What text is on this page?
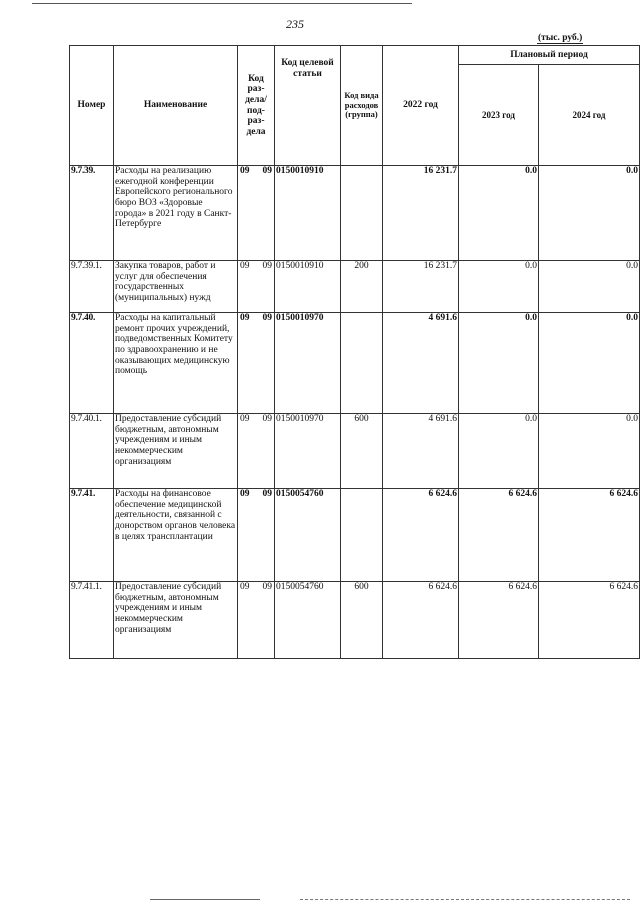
235
(тыс. руб.)
Номер	Наименование	Код раз-дела/ под-раз-дела	Код целевой статьи	Код вида расходов (группа)	2022 год	Плановый период	
						2023 год	2024 год
9.7.39.	Расходы на реализацию ежегодной конференции Европейского регионального бюро ВОЗ «Здоровые города» в 2021 году в Санкт-Петербурге	09 09	0150010910		16 231.7	0.0	0.0
9.7.39.1.	Закупка товаров, работ и услуг для обеспечения государственных (муниципальных) нужд	09 09	0150010910	200	16 231.7	0.0	0.0
9.7.40.	Расходы на капитальный ремонт прочих учреждений, подведомственных Комитету по здравоохранению и не оказывающих медицинскую помощь	09 09	0150010970		4 691.6	0.0	0.0
9.7.40.1.	Предоставление субсидий бюджетным, автономным учреждениям и иным некоммерческим организациям	09 09	0150010970	600	4 691.6	0.0	0.0
9.7.41.	Расходы на финансовое обеспечение медицинской деятельности, связанной с донорством органов человека в целях трансплантации	09 09	0150054760		6 624.6	6 624.6	6 624.6
9.7.41.1.	Предоставление субсидий бюджетным, автономным учреждениям и иным некоммерческим организациям	09 09	0150054760	600	6 624.6	6 624.6	6 624.6
